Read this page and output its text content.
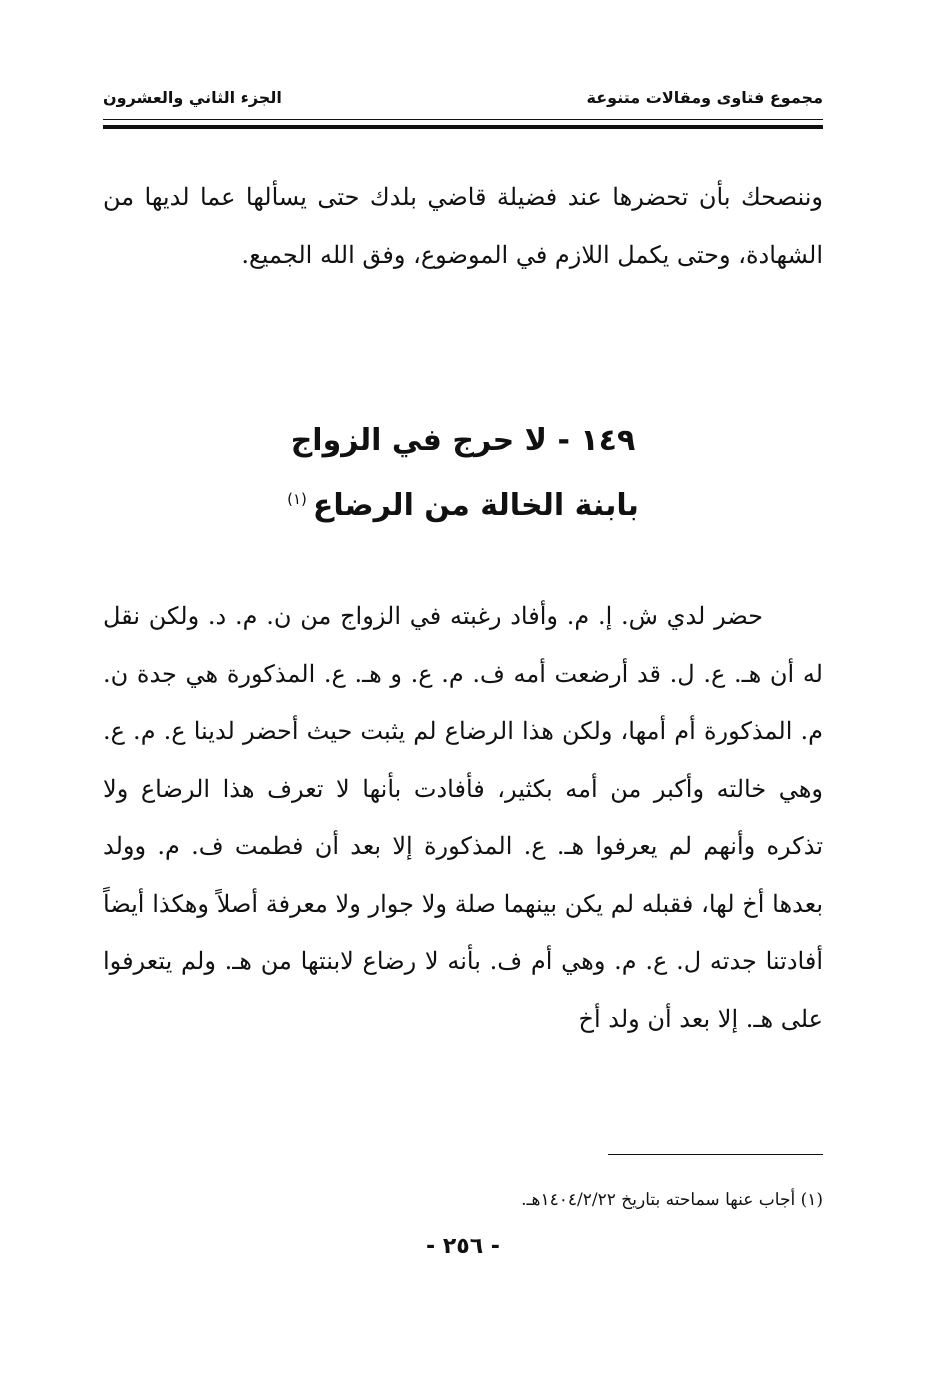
مجموع فتاوى ومقالات متنوعة
الجزء الثاني والعشرون

وننصحك بأن تحضرها عند فضيلة قاضي بلدك حتى يسألها عما لديها من الشهادة، وحتى يكمل اللازم في الموضوع، وفق الله الجميع.

١٤٩ - لا حرج في الزواج
بابنة الخالة من الرضاع$^{(١)}$

حضر لدي ش. إ. م. وأفاد رغبته في الزواج من ن. م. د. ولكن نقل له أن هـ. ع. ل. قد أرضعت أمه ف. م. ع. و هـ. ع. المذكورة هي جدة ن. م. المذكورة أم أمها، ولكن هذا الرضاع لم يثبت حيث أحضر لدينا ع. م. ع. وهي خالته وأكبر من أمه بكثير، فأفادت بأنها لا تعرف هذا الرضاع ولا تذكره وأنهم لم يعرفوا هـ. ع. المذكورة إلا بعد أن فطمت ف. م. وولد بعدها أخ لها، فقبله لم يكن بينهما صلة ولا جوار ولا معرفة أصلاً وهكذا أيضاً أفادتنا جدته ل. ع. م. وهي أم ف. بأنه لا رضاع لابنتها من هـ. ولم يتعرفوا على هـ. إلا بعد أن ولد أخ

(١) أجاب عنها سماحته بتاريخ ١٤٠٤/٢/٢٢هـ.
- ٢٥٦ -
